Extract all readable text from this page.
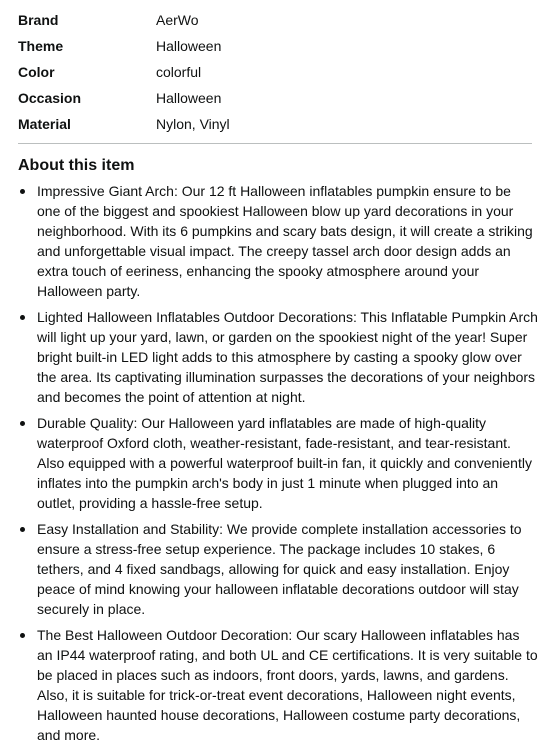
Brand	AerWo
Theme	Halloween
Color	colorful
Occasion	Halloween
Material	Nylon, Vinyl
About this item
Impressive Giant Arch: Our 12 ft Halloween inflatables pumpkin ensure to be one of the biggest and spookiest Halloween blow up yard decorations in your neighborhood. With its 6 pumpkins and scary bats design, it will create a striking and unforgettable visual impact. The creepy tassel arch door design adds an extra touch of eeriness, enhancing the spooky atmosphere around your Halloween party.
Lighted Halloween Inflatables Outdoor Decorations: This Inflatable Pumpkin Arch will light up your yard, lawn, or garden on the spookiest night of the year! Super bright built-in LED light adds to this atmosphere by casting a spooky glow over the area. Its captivating illumination surpasses the decorations of your neighbors and becomes the point of attention at night.
Durable Quality: Our Halloween yard inflatables are made of high-quality waterproof Oxford cloth, weather-resistant, fade-resistant, and tear-resistant. Also equipped with a powerful waterproof built-in fan, it quickly and conveniently inflates into the pumpkin arch's body in just 1 minute when plugged into an outlet, providing a hassle-free setup.
Easy Installation and Stability: We provide complete installation accessories to ensure a stress-free setup experience. The package includes 10 stakes, 6 tethers, and 4 fixed sandbags, allowing for quick and easy installation. Enjoy peace of mind knowing your halloween inflatable decorations outdoor will stay securely in place.
The Best Halloween Outdoor Decoration: Our scary Halloween inflatables has an IP44 waterproof rating, and both UL and CE certifications. It is very suitable to be placed in places such as indoors, front doors, yards, lawns, and gardens. Also, it is suitable for trick-or-treat event decorations, Halloween night events, Halloween haunted house decorations, Halloween costume party decorations, and more.
